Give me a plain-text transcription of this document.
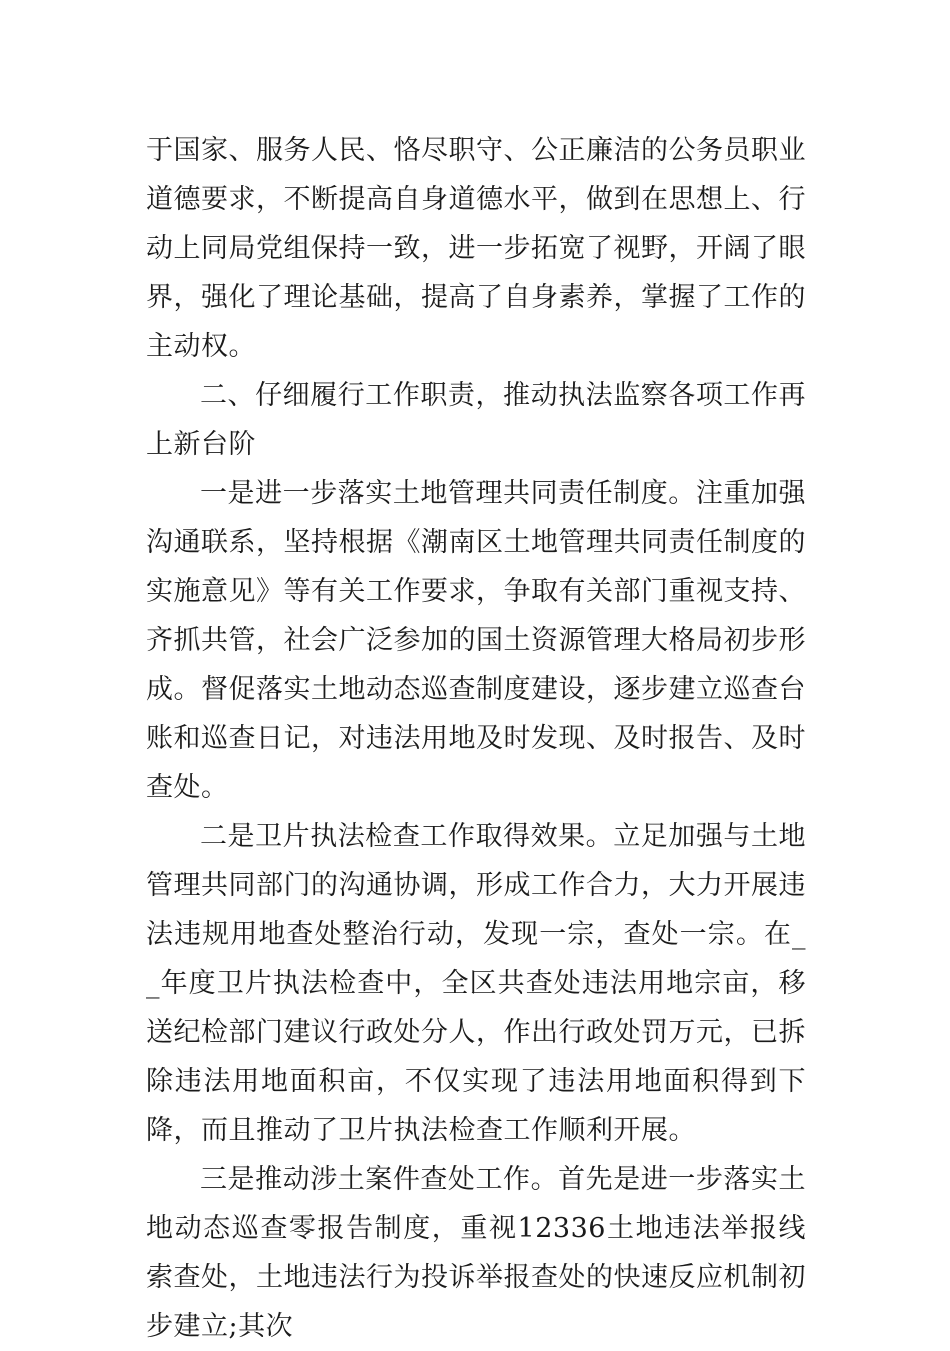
于国家、服务人民、恪尽职守、公正廉洁的公务员职业道德要求，不断提高自身道德水平，做到在思想上、行动上同局党组保持一致，进一步拓宽了视野，开阔了眼界，强化了理论基础，提高了自身素养，掌握了工作的主动权。

二、仔细履行工作职责，推动执法监察各项工作再上新台阶

一是进一步落实土地管理共同责任制度。注重加强沟通联系，坚持根据《潮南区土地管理共同责任制度的实施意见》等有关工作要求，争取有关部门重视支持、齐抓共管，社会广泛参加的国土资源管理大格局初步形成。督促落实土地动态巡查制度建设，逐步建立巡查台账和巡查日记，对违法用地及时发现、及时报告、及时查处。

二是卫片执法检查工作取得效果。立足加强与土地管理共同部门的沟通协调，形成工作合力，大力开展违法违规用地查处整治行动，发现一宗，查处一宗。在__年度卫片执法检查中，全区共查处违法用地宗亩，移送纪检部门建议行政处分人，作出行政处罚万元，已拆除违法用地面积亩，不仅实现了违法用地面积得到下降，而且推动了卫片执法检查工作顺利开展。

三是推动涉土案件查处工作。首先是进一步落实土地动态巡查零报告制度，重视12336土地违法举报线索查处，土地违法行为投诉举报查处的快速反应机制初步建立;其次
